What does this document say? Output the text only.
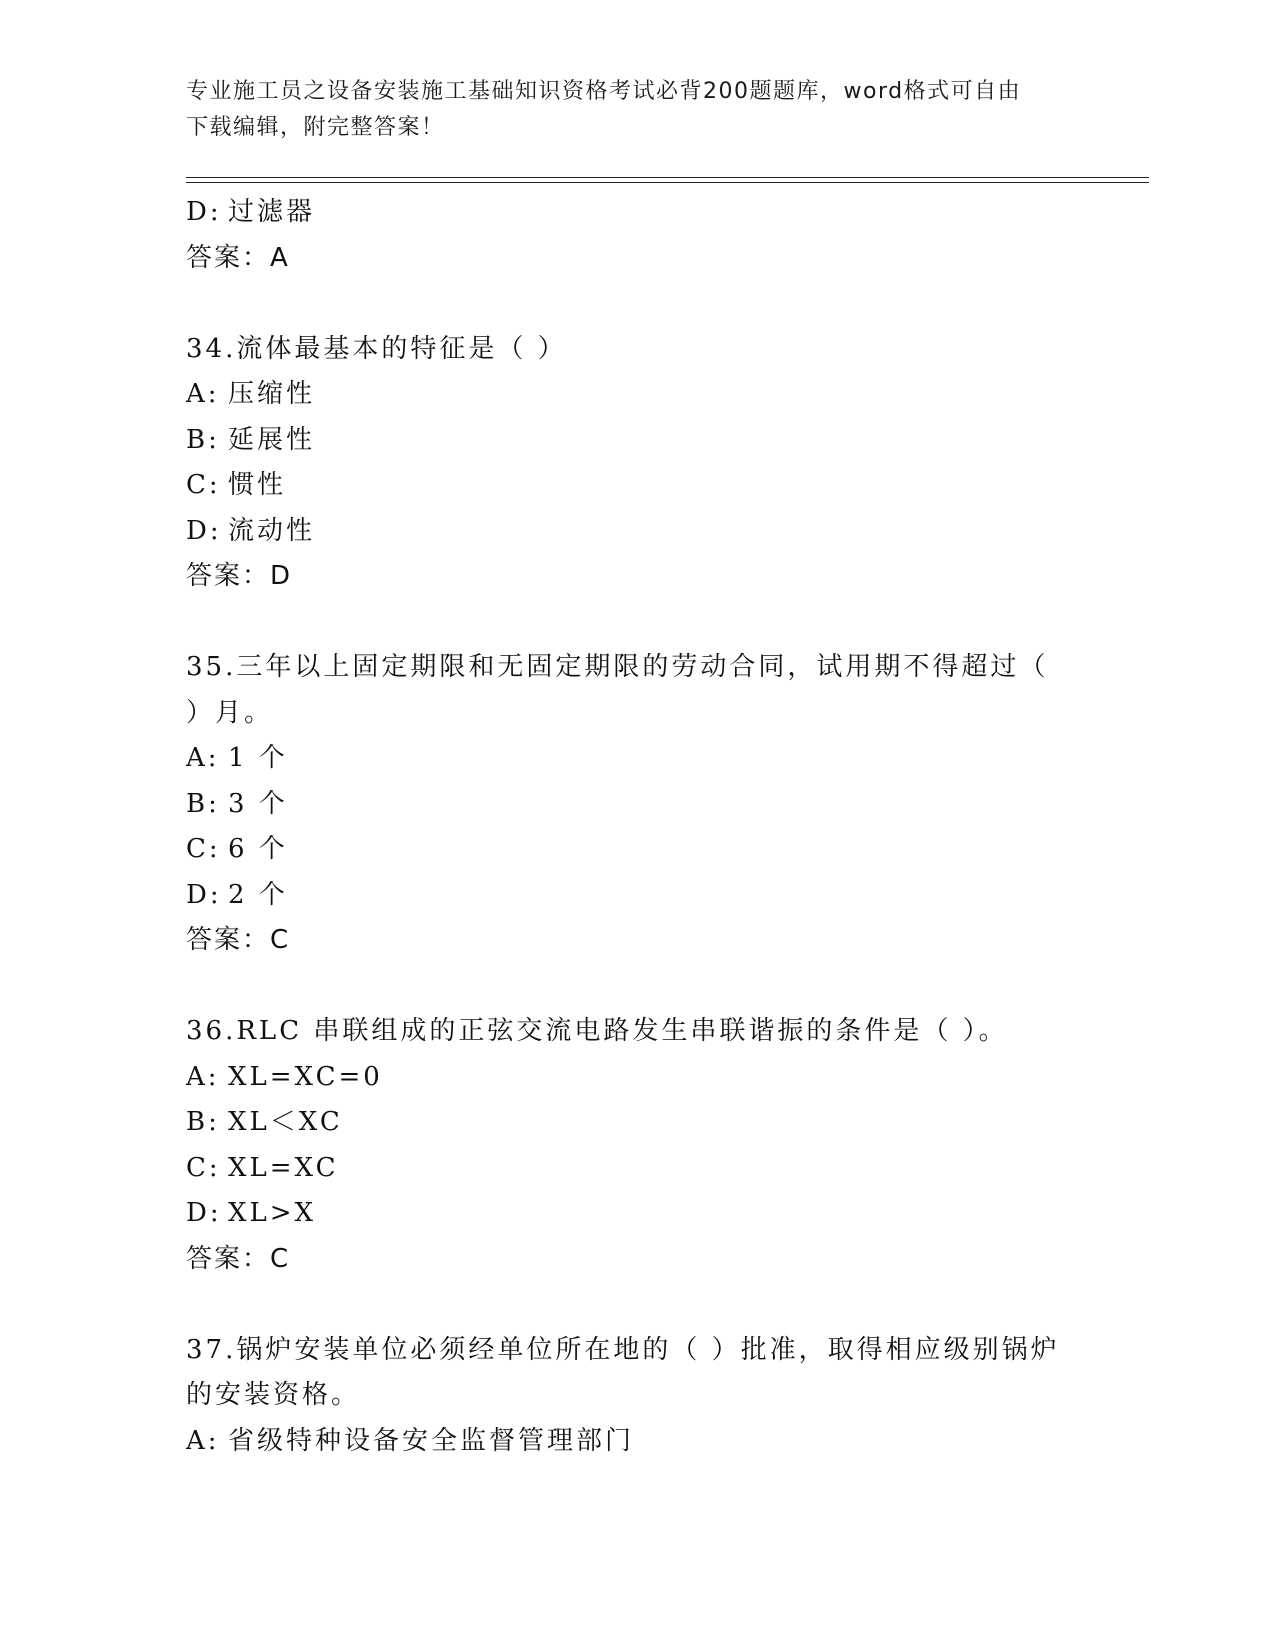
专业施工员之设备安装施工基础知识资格考试必背200题题库，word格式可自由
下载编辑，附完整答案！
D: 过滤器
答案：A
34.流体最基本的特征是（ ）
A: 压缩性
B: 延展性
C: 惯性
D: 流动性
答案：D
35.三年以上固定期限和无固定期限的劳动合同，试用期不得超过（
）月。
A: 1 个
B: 3 个
C: 6 个
D: 2 个
答案：C
36.RLC 串联组成的正弦交流电路发生串联谐振的条件是（ ）。
A: XL=XC=0
B: XL＜XC
C: XL=XC
D: XL>X
答案：C
37.锅炉安装单位必须经单位所在地的（ ）批准，取得相应级别锅炉
的安装资格。
A: 省级特种设备安全监督管理部门
